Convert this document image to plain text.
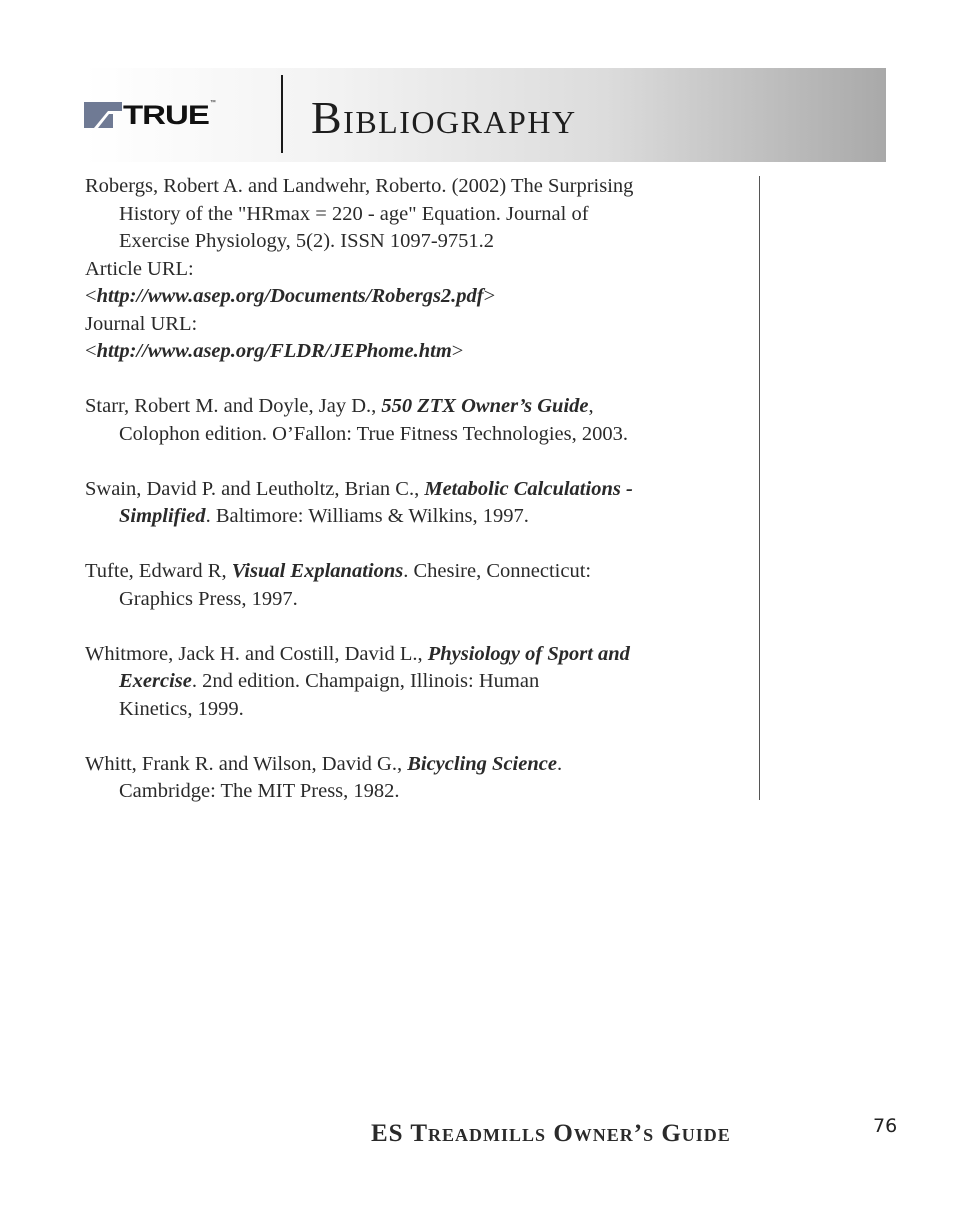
TRUE ™ Bibliography
Robergs, Robert A. and Landwehr, Roberto. (2002) The Surprising
History of the "HRmax = 220 - age" Equation. Journal of
Exercise Physiology, 5(2). ISSN 1097-9751.2
Article URL:
<http://www.asep.org/Documents/Robergs2.pdf>
Journal URL:
<http://www.asep.org/FLDR/JEPhome.htm>
Starr, Robert M. and Doyle, Jay D., 550 ZTX Owner’s Guide,
Colophon edition. O’Fallon: True Fitness Technologies, 2003.
Swain, David P. and Leutholtz, Brian C., Metabolic Calculations -
Simplified. Baltimore: Williams & Wilkins, 1997.
Tufte, Edward R, Visual Explanations. Chesire, Connecticut:
Graphics Press, 1997.
Whitmore, Jack H. and Costill, David L., Physiology of Sport and
Exercise. 2nd edition. Champaign, Illinois: Human
Kinetics, 1999.
Whitt, Frank R. and Wilson, David G., Bicycling Science.
Cambridge: The MIT Press, 1982.
ES Treadmills Owner’s Guide	76
